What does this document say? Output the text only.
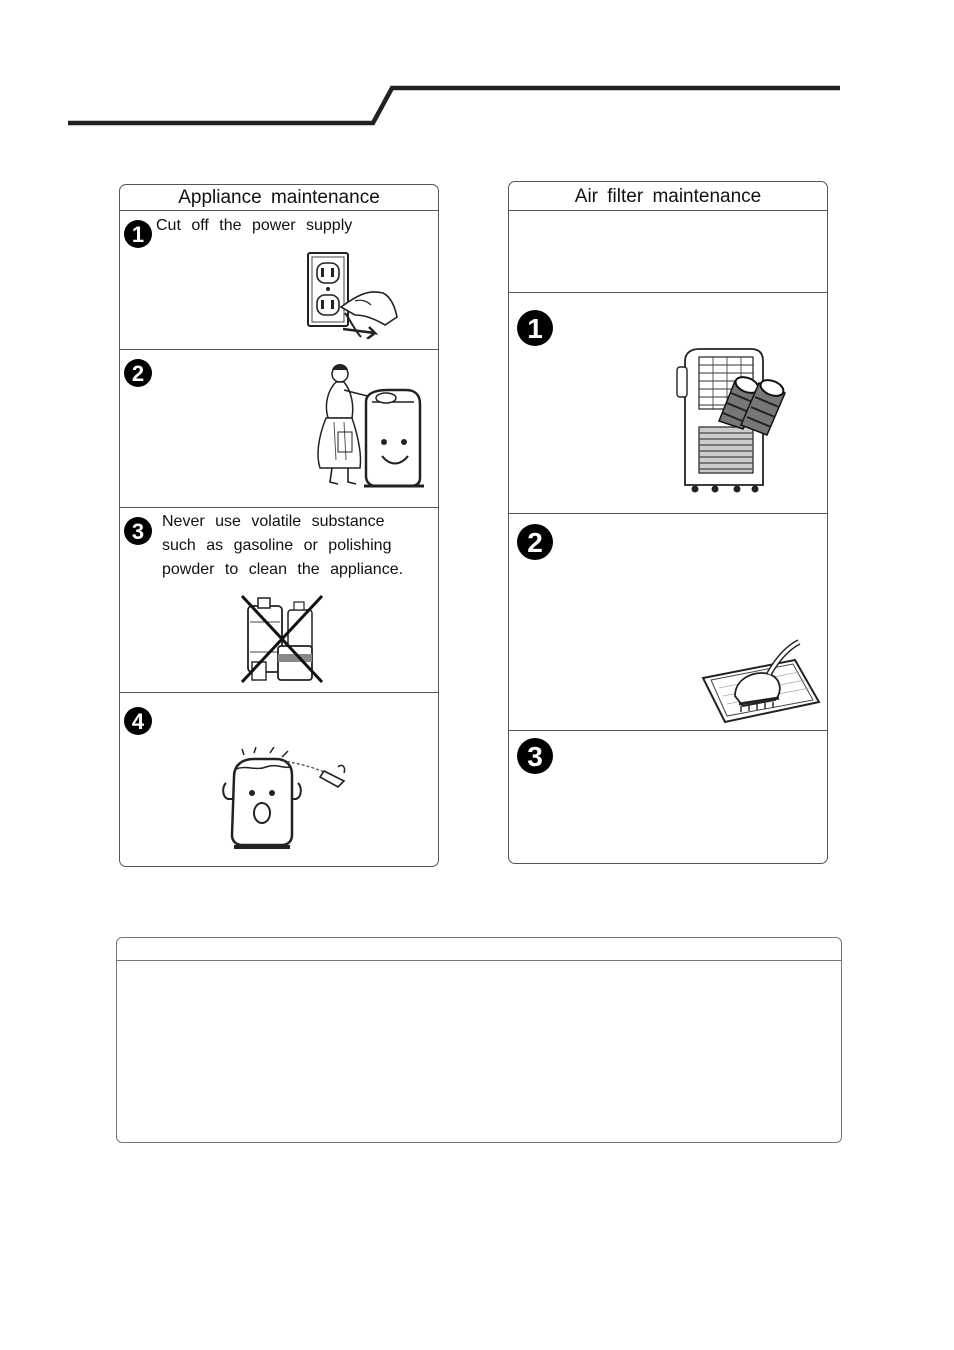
Appliance maintenance
1 Cut off the power supply
2
3	Never use volatile substance
such as gasoline or polishing
powder to clean the appliance.
4
Air filter maintenance
1
2
3
